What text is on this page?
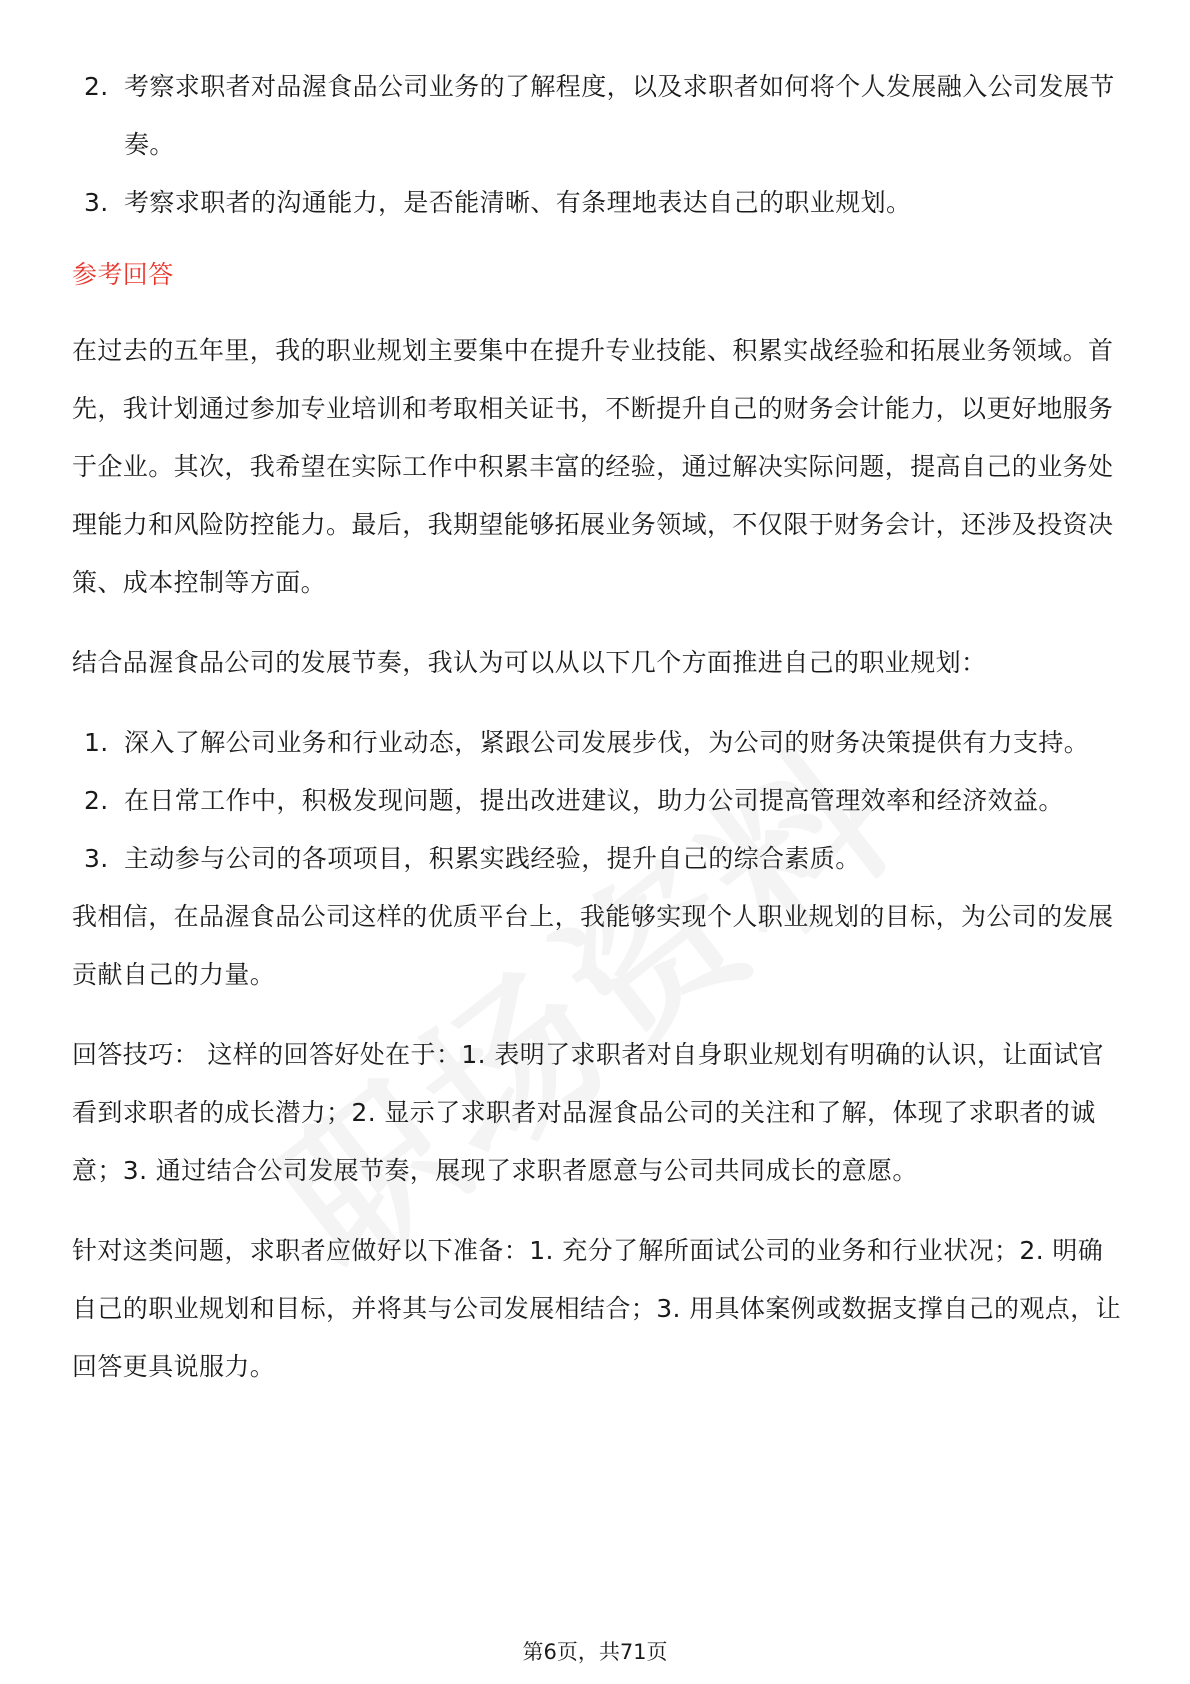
2. 考察求职者对品渥食品公司业务的了解程度，以及求职者如何将个人发展融入公司发展节奏。
3. 考察求职者的沟通能力，是否能清晰、有条理地表达自己的职业规划。
参考回答

在过去的五年里，我的职业规划主要集中在提升专业技能、积累实战经验和拓展业务领域。首先，我计划通过参加专业培训和考取相关证书，不断提升自己的财务会计能力，以更好地服务于企业。其次，我希望在实际工作中积累丰富的经验，通过解决实际问题，提高自己的业务处理能力和风险防控能力。最后，我期望能够拓展业务领域，不仅限于财务会计，还涉及投资决策、成本控制等方面。

结合品渥食品公司的发展节奏，我认为可以从以下几个方面推进自己的职业规划：

1. 深入了解公司业务和行业动态，紧跟公司发展步伐，为公司的财务决策提供有力支持。
2. 在日常工作中，积极发现问题，提出改进建议，助力公司提高管理效率和经济效益。
3. 主动参与公司的各项项目，积累实践经验，提升自己的综合素质。

我相信，在品渥食品公司这样的优质平台上，我能够实现个人职业规划的目标，为公司的发展贡献自己的力量。

回答技巧： 这样的回答好处在于：1. 表明了求职者对自身职业规划有明确的认识，让面试官看到求职者的成长潜力；2. 显示了求职者对品渥食品公司的关注和了解，体现了求职者的诚意；3. 通过结合公司发展节奏，展现了求职者愿意与公司共同成长的意愿。

针对这类问题，求职者应做好以下准备：1. 充分了解所面试公司的业务和行业状况；2. 明确自己的职业规划和目标，并将其与公司发展相结合；3. 用具体案例或数据支撑自己的观点，让回答更具说服力。

第6页，共71页
